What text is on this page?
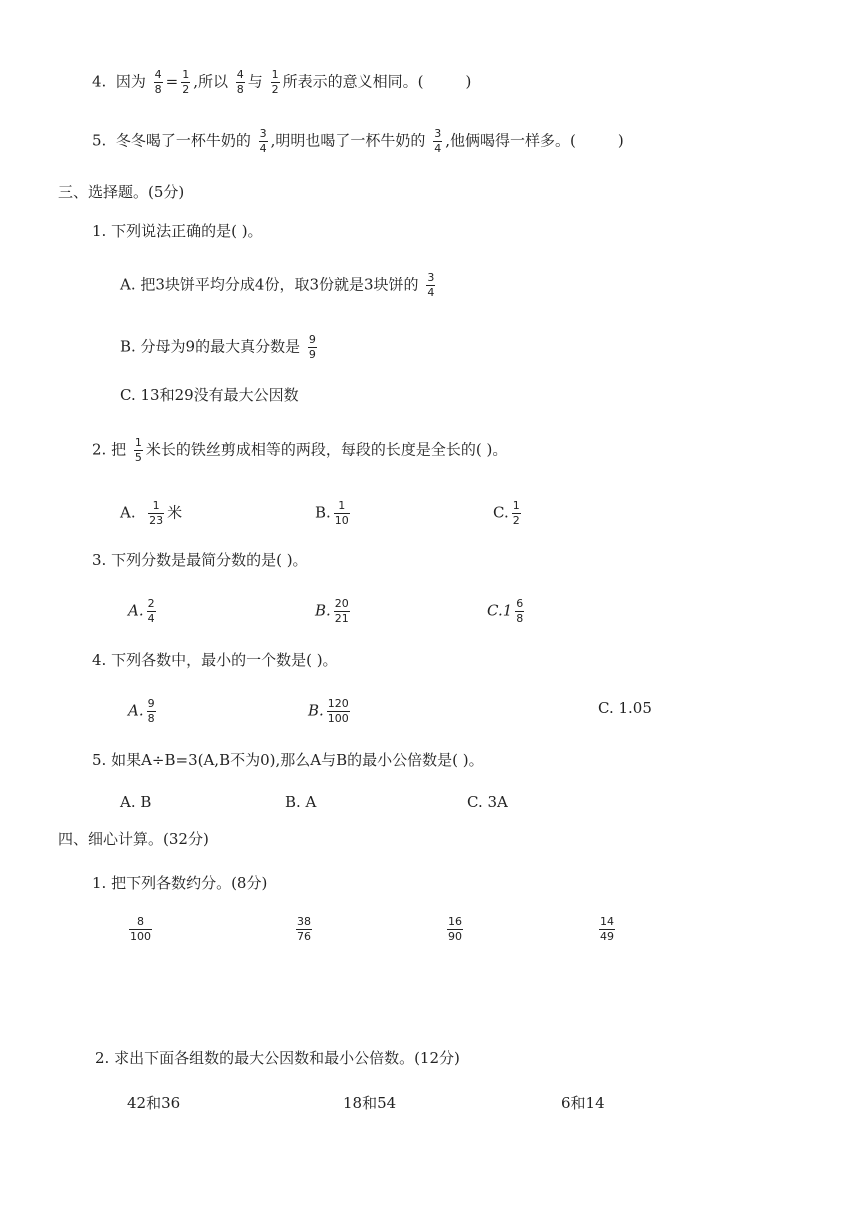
4. 因为 $\frac{4}{8} = \frac{1}{2}$ ,所以 $\frac{4}{8}$ 与 $\frac{1}{2}$ 所表示的意义相同。(	)
5. 冬冬喝了一杯牛奶的 $\frac{3}{4}$ ,明明也喝了一杯牛奶的 $\frac{3}{4}$ ,他俩喝得一样多。(	)
三、选择题。(5分)
1. 下列说法正确的是( )。
A. 把3块饼平均分成4份，取3份就是3块饼的 $\frac{3}{4}$
B. 分母为9的最大真分数是 $\frac{9}{9}$
C. 13和29没有最大公因数
2. 把 $\frac{1}{5}$ 米长的铁丝剪成相等的两段，每段的长度是全长的( )。
A. $\frac{1}{23}$ 米	B. $\frac{1}{10}$	C. $\frac{1}{2}$
3. 下列分数是最简分数的是( )。
A. $\frac{2}{4}$	B. $\frac{20}{21}$	$C.1 \frac{6}{8}$
4. 下列各数中，最小的一个数是( )。
A. $\frac{9}{8}$	B. $\frac{120}{100}$	C. 1.05
5. 如果A÷B=3(A,B不为0),那么A与B的最小公倍数是( )。
A. B	B. A	C. 3A
四、细心计算。(32分)
1. 把下列各数约分。(8分)
$\frac{8}{100}$	$\frac{38}{76}$	$\frac{16}{90}$	$\frac{14}{49}$
2. 求出下面各组数的最大公因数和最小公倍数。(12分)
42和36	18和54	6和14
